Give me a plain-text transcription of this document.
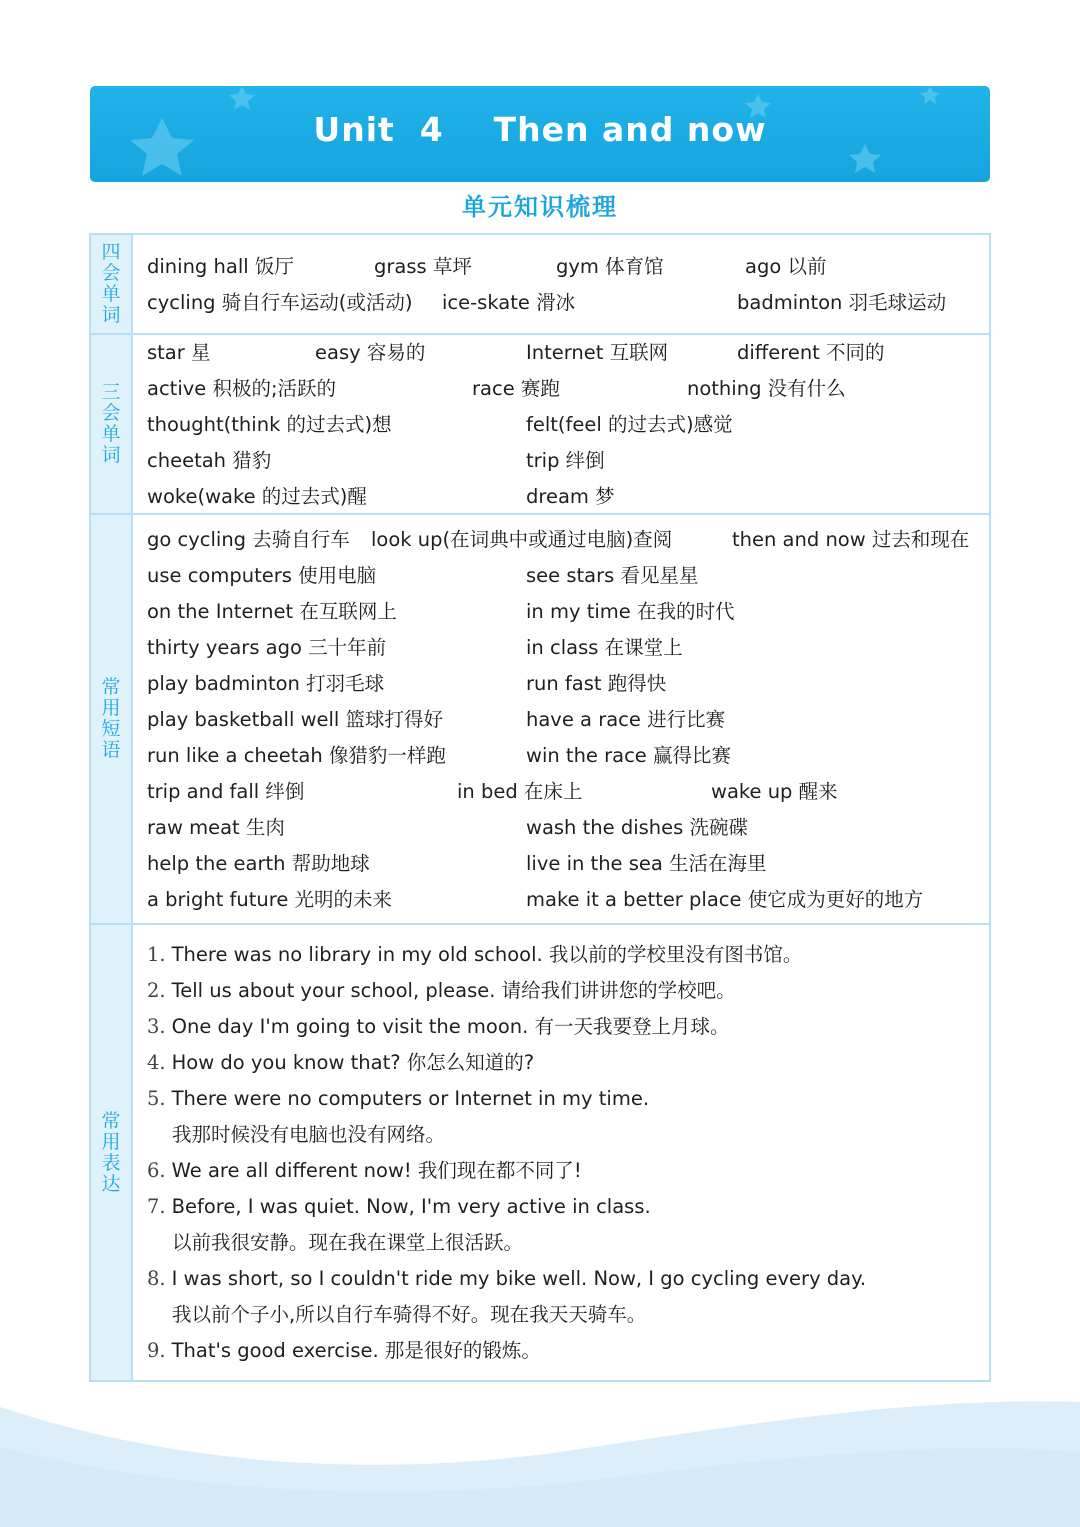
Unit  4    Then and now
单元知识梳理
四
会
单
词
dining hall 饭厅	grass 草坪	gym 体育馆	ago 以前
cycling 骑自行车运动(或活动) ice-skate 滑冰	badminton 羽毛球运动
三
会
单
词
star 星	easy 容易的	Internet 互联网	different 不同的
active 积极的;活跃的	race 赛跑	nothing 没有什么
thought(think 的过去式)想	felt(feel 的过去式)感觉
cheetah 猎豹	trip 绊倒
woke(wake 的过去式)醒	dream 梦
常
用
短
语
go cycling 去骑自行车 look up(在词典中或通过电脑)查阅	then and now 过去和现在
use computers 使用电脑	see stars 看见星星
on the Internet 在互联网上	in my time 在我的时代
thirty years ago 三十年前	in class 在课堂上
play badminton 打羽毛球	run fast 跑得快
play basketball well 篮球打得好	have a race 进行比赛
run like a cheetah 像猎豹一样跑	win the race 赢得比赛
trip and fall 绊倒	in bed 在床上	wake up 醒来
raw meat 生肉	wash the dishes 洗碗碟
help the earth 帮助地球	live in the sea 生活在海里
a bright future 光明的未来	make it a better place 使它成为更好的地方
常
用
表
达
1. There was no library in my old school. 我以前的学校里没有图书馆。
2. Tell us about your school, please. 请给我们讲讲您的学校吧。
3. One day I'm going to visit the moon. 有一天我要登上月球。
4. How do you know that? 你怎么知道的?
5. There were no computers or Internet in my time.
我那时候没有电脑也没有网络。
6. We are all different now! 我们现在都不同了!
7. Before, I was quiet. Now, I'm very active in class.
以前我很安静。现在我在课堂上很活跃。
8. I was short, so I couldn't ride my bike well. Now, I go cycling every day.
我以前个子小,所以自行车骑得不好。现在我天天骑车。
9. That's good exercise. 那是很好的锻炼。
